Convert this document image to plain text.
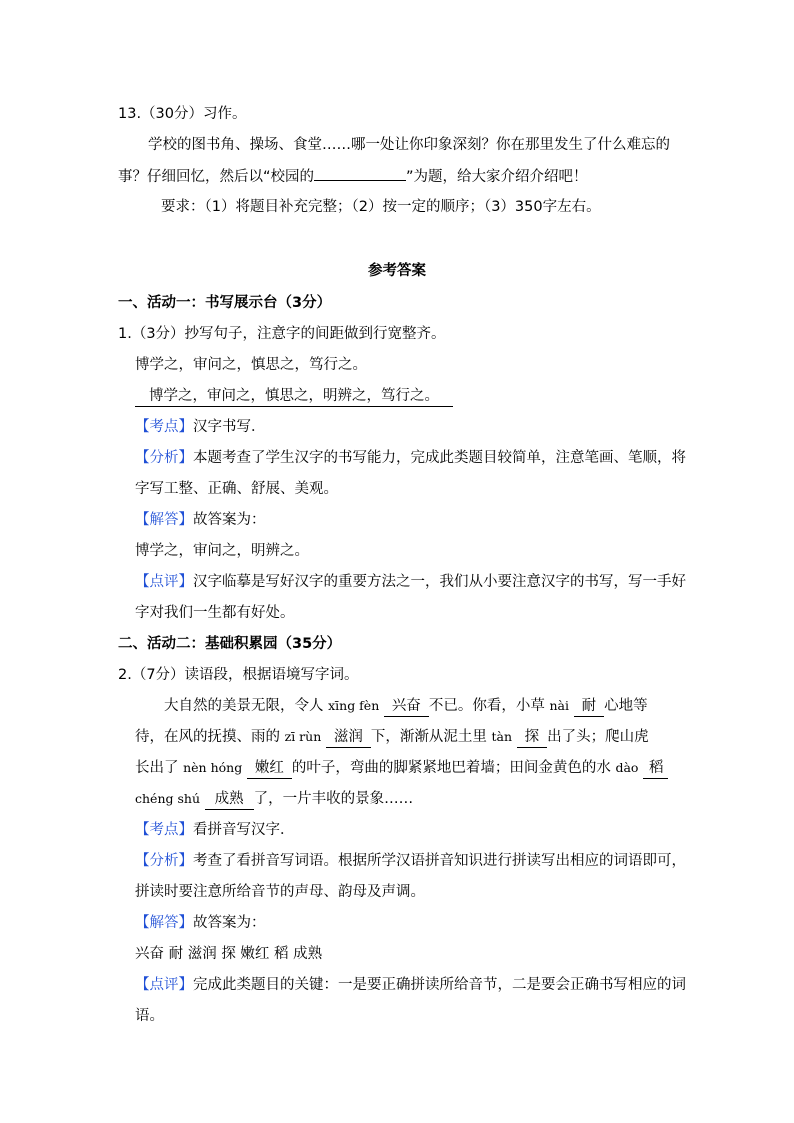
13.（30分）习作。
学校的图书角、操场、食堂……哪一处让你印象深刻？你在那里发生了什么难忘的
事？仔细回忆，然后以“校园的	”为题，给大家介绍介绍吧！
要求：（1）将题目补充完整；（2）按一定的顺序；（3）350字左右。
参考答案
一、活动一：书写展示台（3分）
1.（3分）抄写句子，注意字的间距做到行宽整齐。
博学之，审问之，慎思之，笃行之。
博学之，审问之，慎思之，明辨之，笃行之。
【考点】汉字书写．
【分析】本题考查了学生汉字的书写能力，完成此类题目较简单，注意笔画、笔顺，将
字写工整、正确、舒展、美观。
【解答】故答案为：
博学之，审问之，明辨之。
【点评】汉字临摹是写好汉字的重要方法之一，我们从小要注意汉字的书写，写一手好
字对我们一生都有好处。
二、活动二：基础积累园（35分）
2.（7分）读语段，根据语境写字词。
大自然的美景无限，令人 xīng fèn 兴奋 不已。你看，小草 nài 耐 心地等
待，在风的抚摸、雨的 zī rùn 滋润 下，渐渐从泥土里 tàn 探 出了头；爬山虎
长出了 nèn hóng 嫩红 的叶子，弯曲的脚紧紧地巴着墙；田间金黄色的水 dào 稻
chéng shú 成熟 了，一片丰收的景象……
【考点】看拼音写汉字．
【分析】考查了看拼音写词语。根据所学汉语拼音知识进行拼读写出相应的词语即可，
拼读时要注意所给音节的声母、韵母及声调。
【解答】故答案为：
兴奋 耐 滋润 探 嫩红 稻 成熟
【点评】完成此类题目的关键：一是要正确拼读所给音节，二是要会正确书写相应的词
语。
